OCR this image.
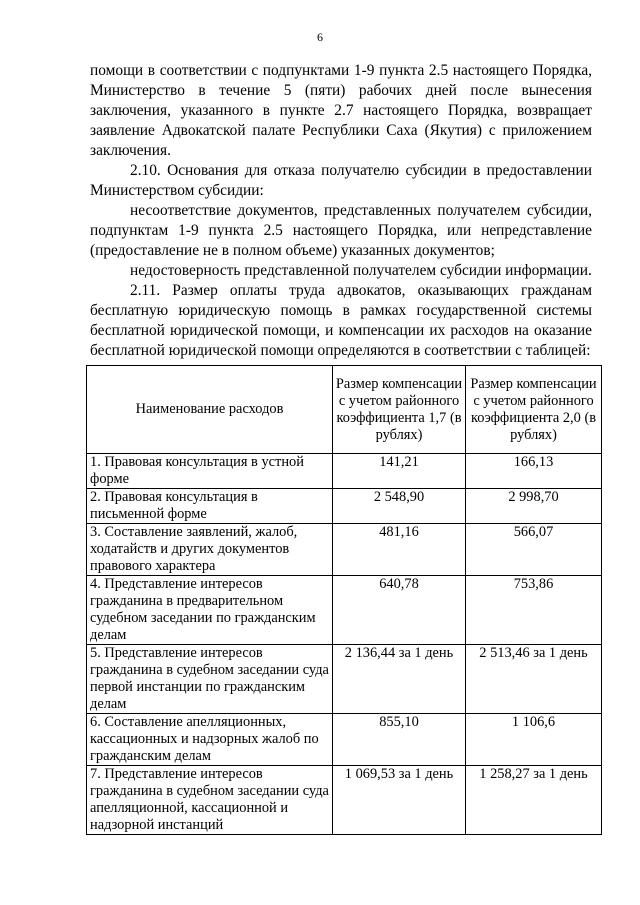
6

помощи в соответствии с подпунктами 1-9 пункта 2.5 настоящего Порядка, Министерство в течение 5 (пяти) рабочих дней после вынесения заключения, указанного в пункте 2.7 настоящего Порядка, возвращает заявление Адвокатской палате Республики Саха (Якутия) с приложением заключения.

2.10. Основания для отказа получателю субсидии в предоставлении Министерством субсидии:

несоответствие документов, представленных получателем субсидии, подпунктам 1-9 пункта 2.5 настоящего Порядка, или непредставление (предоставление не в полном объеме) указанных документов;

недостоверность представленной получателем субсидии информации.

2.11. Размер оплаты труда адвокатов, оказывающих гражданам бесплатную юридическую помощь в рамках государственной системы бесплатной юридической помощи, и компенсации их расходов на оказание бесплатной юридической помощи определяются в соответствии с таблицей:

Наименование расходов	Размер компенсации с учетом районного коэффициента 1,7 (в рублях)	Размер компенсации с учетом районного коэффициента 2,0 (в рублях)
1. Правовая консультация в устной форме	141,21	166,13
2. Правовая консультация в письменной форме	2 548,90	2 998,70
3. Составление заявлений, жалоб, ходатайств и других документов правового характера	481,16	566,07
4. Представление интересов гражданина в предварительном судебном заседании по гражданским делам	640,78	753,86
5. Представление интересов гражданина в судебном заседании суда первой инстанции по гражданским делам	2 136,44 за 1 день	2 513,46 за 1 день
6. Составление апелляционных, кассационных и надзорных жалоб по гражданским делам	855,10	1 106,6
7. Представление интересов гражданина в судебном заседании суда апелляционной, кассационной и надзорной инстанций	1 069,53 за 1 день	1 258,27 за 1 день
